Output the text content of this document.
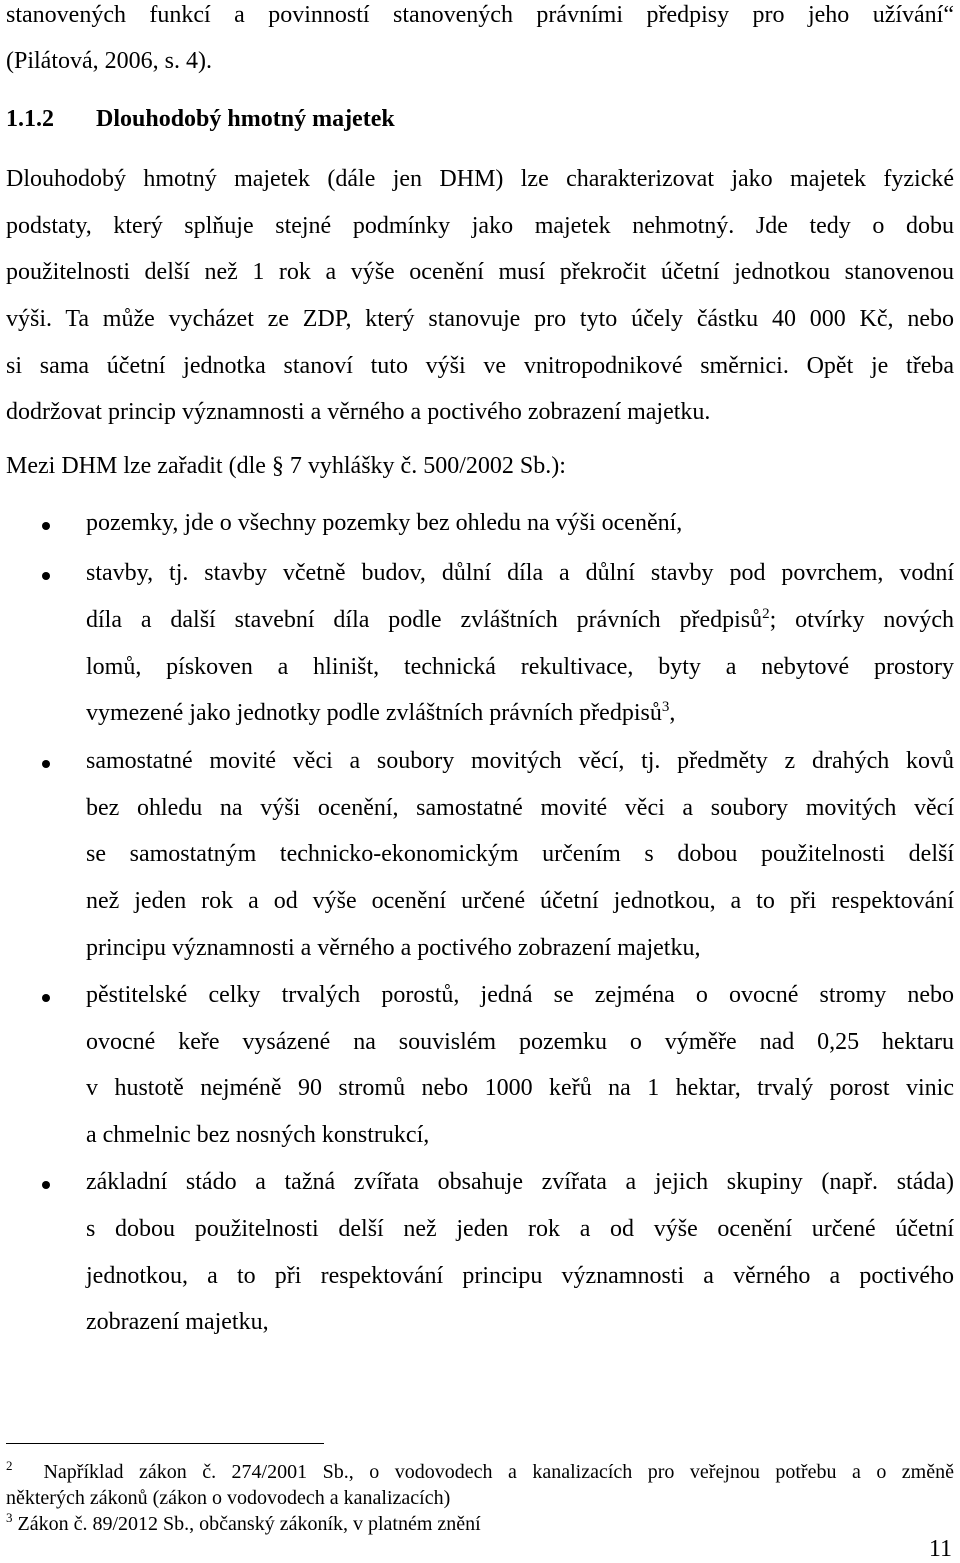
stanovených funkcí a povinností stanovených právními předpisy pro jeho užívání“
(Pilátová, 2006, s. 4).
1.1.2 Dlouhodobý hmotný majetek
Dlouhodobý hmotný majetek (dále jen DHM) lze charakterizovat jako majetek fyzické
podstaty, který splňuje stejné podmínky jako majetek nehmotný. Jde tedy o dobu
použitelnosti delší než 1 rok a výše ocenění musí překročit účetní jednotkou stanovenou
výši. Ta může vycházet ze ZDP, který stanovuje pro tyto účely částku 40 000 Kč, nebo
si sama účetní jednotka stanoví tuto výši ve vnitropodnikové směrnici. Opět je třeba
dodržovat princip významnosti a věrného a poctivého zobrazení majetku.
Mezi DHM lze zařadit (dle § 7 vyhlášky č. 500/2002 Sb.):
pozemky, jde o všechny pozemky bez ohledu na výši ocenění,
stavby, tj. stavby včetně budov, důlní díla a důlní stavby pod povrchem, vodní
díla a další stavební díla podle zvláštních právních předpisů$^2$; otvírky nových
lomů, pískoven a hliništ, technická rekultivace, byty a nebytové prostory
vymezené jako jednotky podle zvláštních právních předpisů$^3$,
samostatné movité věci a soubory movitých věcí, tj. předměty z drahých kovů
bez ohledu na výši ocenění, samostatné movité věci a soubory movitých věcí
se samostatným technicko-ekonomickým určením s dobou použitelnosti delší
než jeden rok a od výše ocenění určené účetní jednotkou, a to při respektování
principu významnosti a věrného a poctivého zobrazení majetku,
pěstitelské celky trvalých porostů, jedná se zejména o ovocné stromy nebo
ovocné keře vysázené na souvislém pozemku o výměře nad 0,25 hektaru
v hustotě nejméně 90 stromů nebo 1000 keřů na 1 hektar, trvalý porost vinic
a chmelnic bez nosných konstrukcí,
základní stádo a tažná zvířata obsahuje zvířata a jejich skupiny (např. stáda)
s dobou použitelnosti delší než jeden rok a od výše ocenění určené účetní
jednotkou, a to při respektování principu významnosti a věrného a poctivého
zobrazení majetku,
$^2$ Například zákon č. 274/2001 Sb., o vodovodech a kanalizacích pro veřejnou potřebu a o změně
některých zákonů (zákon o vodovodech a kanalizacích)
$^3$ Zákon č. 89/2012 Sb., občanský zákoník, v platném znění
11
